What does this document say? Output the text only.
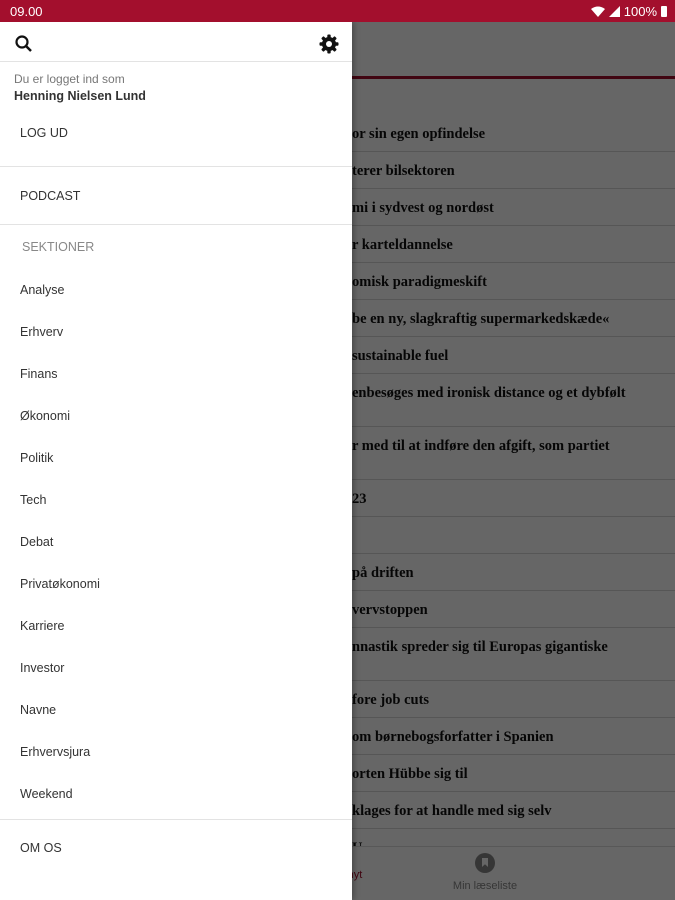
09.00	100%
Du er logget ind som
Henning Nielsen Lund
LOG UD
PODCAST
SEKTIONER
Analyse
Erhverv
Finans
Økonomi
Politik
Tech
Debat
Privatøkonomi
Karriere
Investor
Navne
Erhvervsjura
Weekend
OM OS
